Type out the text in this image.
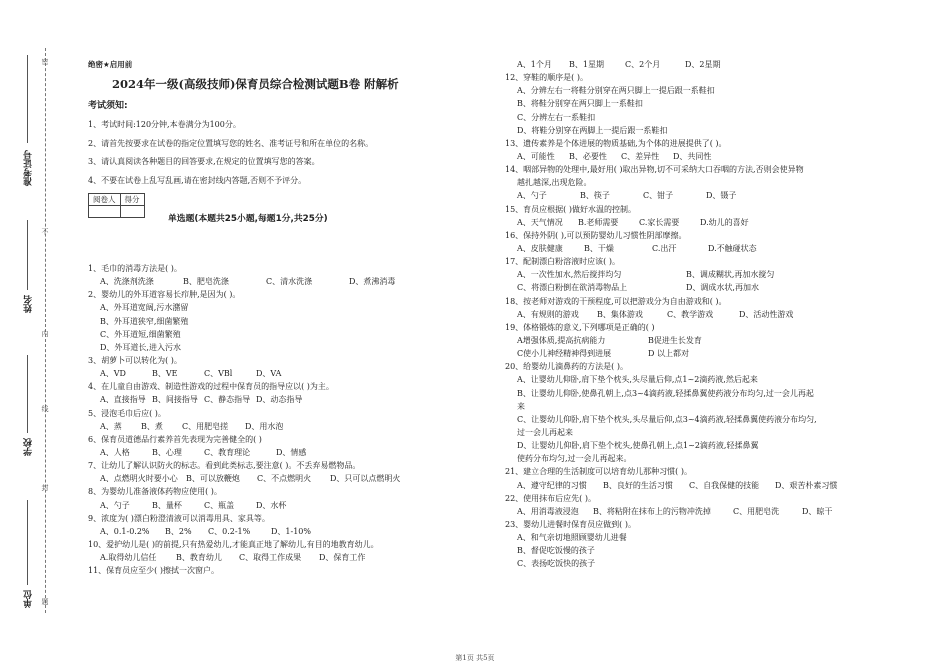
准考证号
姓名
学校
单位
密
不
内
线
封
题
绝密★启用前
2024年一级(高级技师)保育员综合检测试题B卷 附解析
考试须知:
1、考试时间:120分钟,本卷满分为100分。
2、请首先按要求在试卷的指定位置填写您的姓名、准考证号和所在单位的名称。
3、请认真阅读各种题目的回答要求,在规定的位置填写您的答案。
4、不要在试卷上乱写乱画,请在密封线内答题,否则不予评分。
阅卷人	得分

单选题(本题共25小题,每题1分,共25分)
1、毛巾的消毒方法是( )。
A、洗涤剂洗涤	B、肥皂洗涤	C、清水洗涤	D、煮沸消毒
2、婴幼儿的外耳道容易长疖肿,是因为( )。
A、外耳道宽阔,污水潴留
B、外耳道狭窄,细菌繁殖
C、外耳道短,细菌繁殖
D、外耳道长,进入污水
3、胡萝卜可以转化为( )。
A、VD	B、VE	C、VBl	D、VA
4、在儿童自由游戏、制造性游戏的过程中保育员的指导应以( )为主。
A、直接指导 B、间接指导 C、静态指导 D、动态指导
5、浸泡毛巾后应( )。
A、蒸	B、煮	C、用肥皂搓	D、用水泡
6、保育员道德品行素养首先表现为完善健全的( )
A、人格	B、心理	C、教育理论	D、情感
7、让幼儿了解认识防火的标志。看到此类标志,要注意( )。不丢弃易燃物品。
A、点燃明火时要小心	B、可以放鞭炮	C、不点燃明火	D、只可以点燃明火
8、为婴幼儿准备液体药物应使用( )。
A、勺子	B、量杯	C、瓶盖	D、水杯
9、浓度为( )漂白粉澄清液可以消毒用具、家具等。
A、0.1-0.2%	B、2%	C、0.2-1%	D、1-10%
10、爱护幼儿是( )的前提,只有热爱幼儿,才能真正地了解幼儿,有目的地教育幼儿。
A.取得幼儿信任	B、教育幼儿	C、取得工作成果	D、保育工作
11、保育员应至少( )擦拭一次窗户。
A、1个月	B、1星期	C、2个月	D、2星期
12、穿鞋的顺序是( )。
A、分辨左右一将鞋分别穿在两只脚上一提后跟一系鞋扣
B、将鞋分别穿在两只脚上一系鞋扣
C、分辨左右一系鞋扣
D、将鞋分别穿在两脚上一提后跟一系鞋扣
13、遗传素养是个体进展的物质基础,为个体的进展提供了( )。
A、可能性	B、必要性	C、差异性	D、共同性
14、咽部异物的处理中,最好用( )取出异物,切不可采纳大口吞咽的方法,否则会使异物
越扎越深,出现危险。
A、勺子	B、筷子	C、钳子	D、镊子
15、育员应根据( )做好水温的控制。
A、天气情况	B.老师需要	C.家长需要	D.幼儿的喜好
16、保持外阴( ),可以预防婴幼儿习惯性阴部摩擦。
A、皮肤健康	B、干燥	C.出汗	D.不触碰状态
17、配制漂白粉溶液时应该( )。
A、一次性加水,然后搅拌均匀	B、调成糊状,再加水搅匀
C、将漂白粉倒在欲消毒物品上	D、调成水状,再加水
18、按老师对游戏的干预程度,可以把游戏分为自由游戏和( )。
A、有规则的游戏	B、集体游戏	C、教学游戏	D、活动性游戏
19、体格锻炼的意义,下列哪项是正确的( )
A增强体质,提高抗病能力	B促进生长发育
C使小儿神经精神得到进展	D 以上都对
20、给婴幼儿滴鼻药的方法是( )。
A、让婴幼儿仰卧,肩下垫个枕头,头尽量后仰,点1~2滴药液,然后起来
B、让婴幼儿仰卧,使鼻孔朝上,点3~4滴药液,轻揉鼻翼使药液分布均匀,过一会儿再起
来
C、让婴幼儿仰卧,肩下垫个枕头,头尽量后仰,点3~4滴药液,轻揉鼻翼使药液分布均匀,
过一会儿再起来
D、让婴幼儿仰卧,肩下垫个枕头,使鼻孔朝上,点1~2滴药液,轻揉鼻翼
使药分布均匀,过一会儿再起来。
21、建立合理的生活制度可以培育幼儿那种习惯( )。
A、遵守纪律的习惯	B、良好的生活习惯	C、自我保健的技能	D、艰苦朴素习惯
22、使用抹布后应先( )。
A、用消毒液浸泡	B、将粘附在抹布上的污物冲洗掉	C、用肥皂洗	D、晾干
23、婴幼儿进餐时保育员应做到( )。
A、和气亲切地照顾婴幼儿进餐
B、督促吃饭慢的孩子
C、表扬吃饭快的孩子
第1页 共5页
